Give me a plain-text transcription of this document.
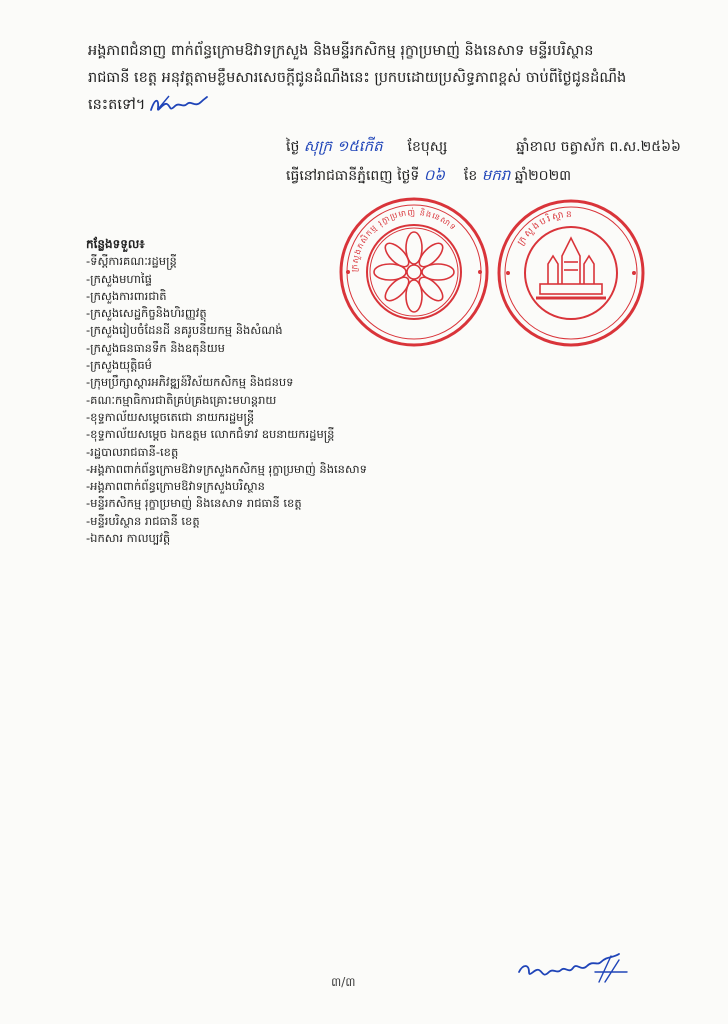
អង្គភាពជំនាញ ពាក់ព័ន្ធក្រោមឱវាទក្រសួង និងមន្ទីរកសិកម្ម រុក្ខាប្រមាញ់ និងនេសាទ មន្ទីរបរិស្ថាន
រាជធានី ខេត្ត អនុវត្តតាមខ្លឹមសារសេចក្តីជូនដំណឹងនេះ ប្រកបដោយប្រសិទ្ធភាពខ្ពស់ ចាប់ពីថ្ងៃជូនដំណឹង
នេះតទៅ។
ថ្ងៃ សុក្រ ១៥កើត ខែបុស្ស	ឆ្នាំខាល ចត្វាស័ក ព.ស.២៥៦៦
ធ្វើនៅរាជធានីភ្នំពេញ ថ្ងៃទី ០៦ ខែ មករា ឆ្នាំ២០២៣
ក្រសួងកសិកម្ម រុក្ខាប្រមាញ់ និងនេសាទ
ក្រសួងបរិស្ថាន
កន្លែងទទួល៖
-ទីស្ដីការគណៈរដ្ឋមន្ត្រី
-ក្រសួងមហាផ្ទៃ
-ក្រសួងការពារជាតិ
-ក្រសួងសេដ្ឋកិច្ចនិងហិរញ្ញវត្ថុ
-ក្រសួងរៀបចំដែនដី នគរូបនីយកម្ម និងសំណង់
-ក្រសួងធនធានទឹក និងឧតុនិយម
-ក្រសួងយុត្តិធម៌
-ក្រុមប្រឹក្សាស្ដារអភិវឌ្ឍន៍វិស័យកសិកម្ម និងជនបទ
-គណៈកម្មាធិការជាតិគ្រប់គ្រងគ្រោះមហន្តរាយ
-ខុទ្ទកាល័យសម្ដេចតេជោ នាយករដ្ឋមន្ត្រី
-ខុទ្ទកាល័យសម្ដេច ឯកឧត្តម លោកជំទាវ ឧបនាយករដ្ឋមន្ត្រី
-រដ្ឋបាលរាជធានី-ខេត្ត
-អង្គភាពពាក់ព័ន្ធក្រោមឱវាទក្រសួងកសិកម្ម រុក្ខាប្រមាញ់ និងនេសាទ
-អង្គភាពពាក់ព័ន្ធក្រោមឱវាទក្រសួងបរិស្ថាន
-មន្ទីរកសិកម្ម រុក្ខាប្រមាញ់ និងនេសាទ រាជធានី ខេត្ត
-មន្ទីរបរិស្ថាន រាជធានី ខេត្ត
-ឯកសារ កាលប្បវត្តិ
៣/៣
